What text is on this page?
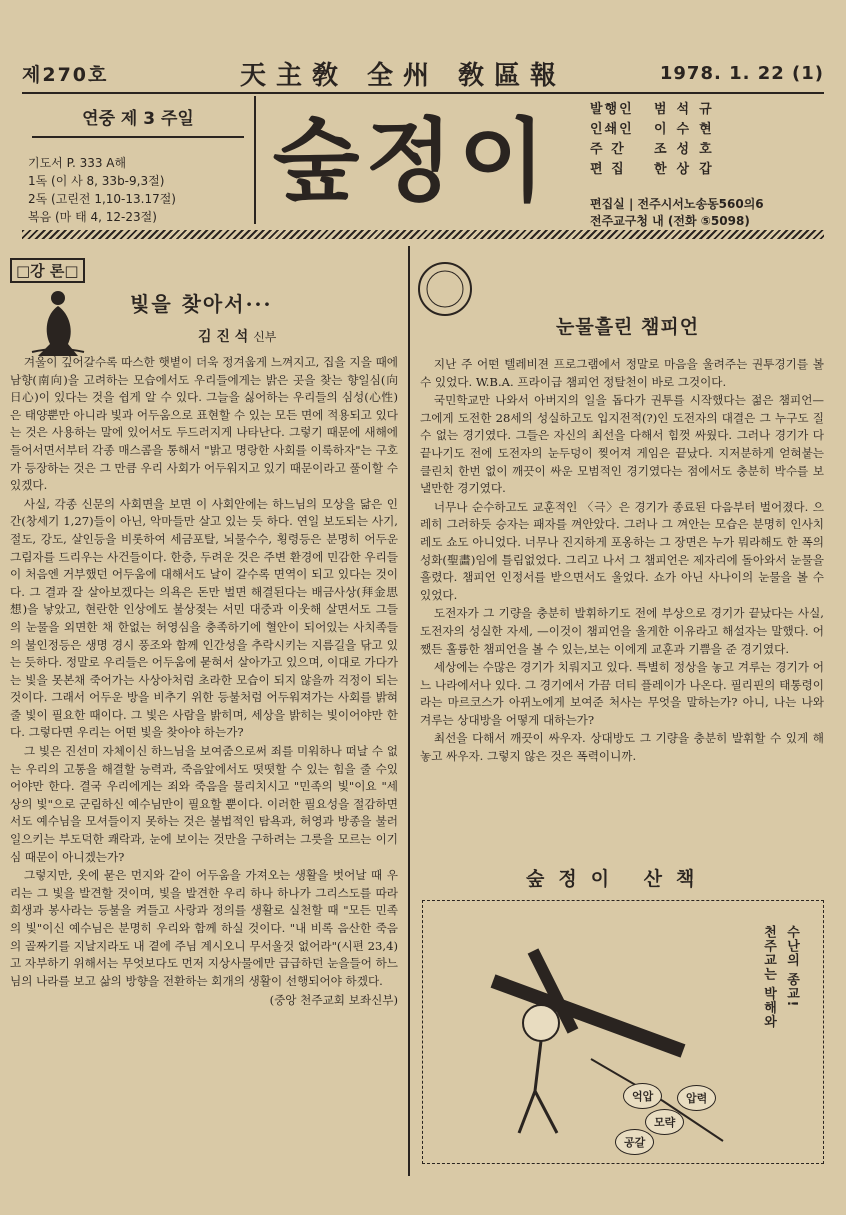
제270호	天主敎 全州 敎區報	1978. 1. 22 (1)
연중 제 3 주일
기도서 P. 333 A해
1독 (이 사 8, 33b-9,3절)
2독 (고린전 1,10-13.17절)
복음 (마 태 4, 12-23절)
숲정이	발행인	범석규
인쇄인	이수현
주 간	조성호
편 집	한상갑
편집실 | 전주시서노송동560의6
전주교구청 내 (전화 ⑤5098)
□강 론□
빛을 찾아서···
김 진 석 신부

겨울이 깊어갈수록 따스한 햇볕이 더욱 정겨웁게 느껴지고, 집을 지을 때에 남향(南向)을 고려하는 모습에서도 우리들에게는 밝은 곳을 찾는 향일심(向日心)이 있다는 것을 쉽게 알 수 있다. 그늘을 싫어하는 우리들의 심성(心性)은 태양뿐만 아니라 빛과 어두움으로 표현할 수 있는 모든 면에 적용되고 있다는 것은 사용하는 말에 있어서도 두드러지게 나타난다. 그렇기 때문에 새해에 들어서면서부터 각종 매스콤을 통해서 "밝고 명랑한 사회를 이룩하자"는 구호가 등장하는 것은 그 만큼 우리 사회가 어두워지고 있기 때문이라고 풀이할 수 있겠다.

사실, 각종 신문의 사회면을 보면 이 사회안에는 하느님의 모상을 닮은 인간(창세기 1,27)들이 아닌, 악마들만 살고 있는 듯 하다. 연일 보도되는 사기, 절도, 강도, 살인등을 비롯하여 세금포탈, 뇌물수수, 횡령등은 분명히 어두운 그림자를 드리우는 사건들이다. 한층, 두려운 것은 주변 환경에 민감한 우리들이 처음엔 거부했던 어두움에 대해서도 날이 갈수록 면역이 되고 있다는 것이다. 그 결과 잘 살아보겠다는 의욕은 돈만 벌면 해결된다는 배금사상(拜金思想)을 낳았고, 현란한 인상에도 불상젖는 서민 대중과 이웃해 살면서도 그들의 눈물을 외면한 채 한없는 허영심을 충족하기에 혈안이 되어있는 사치족들의 불인정등은 생명 경시 풍조와 함께 인간성을 추락시키는 지름길을 닦고 있는 듯하다. 정말로 우리들은 어두움에 묻혀서 살아가고 있으며, 이대로 가다가는 빛을 못본채 죽어가는 사상아처럼 초라한 모습이 되지 않을까 걱정이 되는 것이다. 그래서 어두운 방을 비추기 위한 등불처럼 어두워져가는 사회를 밝혀줄 빛이 필요한 때이다. 그 빛은 사람을 밝히며, 세상을 밝히는 빛이어야만 한다. 그렇다면 우리는 어떤 빛을 찾아야 하는가?

그 빛은 진선미 자체이신 하느님을 보여줌으로써 죄를 미워하나 떠날 수 없는 우리의 고통을 해결할 능력과, 죽음앞에서도 떳떳할 수 있는 힘을 줄 수있어야만 한다. 결국 우리에게는 죄와 죽음을 물리치시고 "민족의 빛"이요 "세상의 빛"으로 군림하신 예수님만이 필요할 뿐이다. 이러한 필요성을 절감하면서도 예수님을 모셔들이지 못하는 것은 불법적인 탐욕과, 허영과 방종을 불러일으키는 부도덕한 쾌락과, 눈에 보이는 것만을 구하려는 그릇을 모르는 이기심 때문이 아니겠는가?

그렇지만, 옷에 묻은 먼지와 같이 어두움을 가져오는 생활을 벗어날 때 우리는 그 빛을 발견할 것이며, 빛을 발견한 우리 하나 하나가 그리스도를 따라 희생과 봉사라는 등불을 켜들고 사랑과 정의를 생활로 실천할 때 "모든 민족의 빛"이신 예수님은 분명히 우리와 함께 하실 것이다. "내 비록 음산한 죽음의 골짜기를 지날지라도 내 곁에 주님 계시오니 무서울것 없어라"(시편 23,4)고 자부하기 위해서는 무엇보다도 먼저 지상사물에만 급급하던 눈을들어 하느님의 나라를 보고 삶의 방향을 전환하는 회개의 생활이 선행되어야 하겠다.

(중앙 천주교회 보좌신부)
눈물흘린 챔피언

지난 주 어떤 텔레비젼 프로그램에서 정말로 마음을 울려주는 권투경기를 볼 수 있었다. W.B.A. 프라이급 챔피언 정탈천이 바로 그것이다.

국민학교만 나와서 아버지의 일을 돕다가 권투를 시작했다는 젊은 챔피언— 그에게 도전한 28세의 성실하고도 입지전적(?)인 도전자의 대결은 그 누구도 질 수 없는 경기였다. 그들은 자신의 최선을 다해서 힘껏 싸웠다. 그러나 경기가 다 끝나기도 전에 도전자의 눈두덩이 찢어져 게임은 끝났다. 지저분하게 얻혀붙는 클린치 한번 없이 깨끗이 싸운 모범적인 경기였다는 점에서도 충분히 박수를 보낼만한 경기였다.

너무나 순수하고도 교훈적인 〈극〉은 경기가 종료된 다음부터 벌어졌다. 으레히 그러하듯 승자는 패자를 껴안았다. 그러나 그 껴안는 모습은 분명히 인사치레도 쇼도 아니었다. 너무나 진지하게 포옹하는 그 장면은 누가 뭐라해도 한 폭의 성화(聖畵)임에 틀림없었다. 그리고 나서 그 챔피언은 제자리에 돌아와서 눈물을 흘렸다. 챔피언 인정서를 받으면서도 울었다. 쇼가 아닌 사나이의 눈물을 볼 수 있었다.

도전자가 그 기량을 충분히 발휘하기도 전에 부상으로 경기가 끝났다는 사실, 도전자의 성실한 자세, —이것이 챔피언을 울게한 이유라고 해설자는 말했다. 어쨌든 훌륭한 챔피언을 볼 수 있는,보는 이에게 교훈과 기쁨을 준 경기였다.

세상에는 수많은 경기가 치뤄지고 있다. 특별히 정상을 놓고 겨루는 경기가 어느 나라에서나 있다. 그 경기에서 가끔 더티 플레이가 나온다. 필리핀의 태통령이라는 마르코스가 아뀌노에게 보여준 처사는 무엇을 말하는가? 아니, 나는 나와 겨루는 상대방을 어떻게 대하는가?

최선을 다해서 깨끗이 싸우자. 상대방도 그 기량을 충분히 발휘할 수 있게 해놓고 싸우자. 그렇지 않은 것은 폭력이니까.

숲정이 산책
천주교는 박해와 수난의 종교!
억압	압력
모략
공갈
